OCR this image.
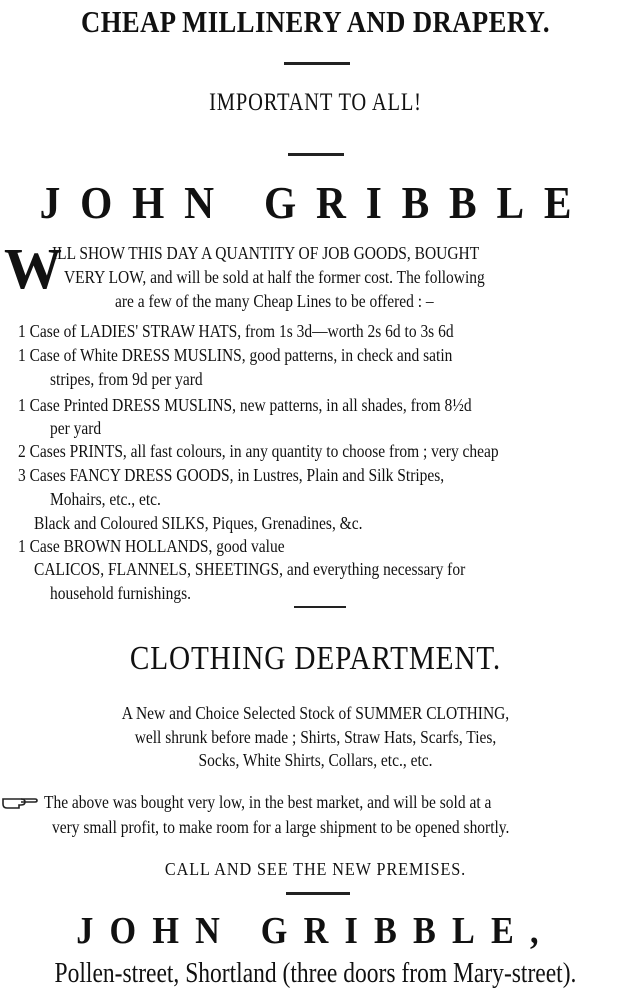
CHEAP MILLINERY AND DRAPERY.
IMPORTANT TO ALL!
JOHN GRIBBLE
W
ILL SHOW THIS DAY A QUANTITY OF JOB GOODS, BOUGHT
VERY LOW, and will be sold at half the former cost. The following
are a few of the many Cheap Lines to be offered : –
1 Case of LADIES' STRAW HATS, from 1s 3d—worth 2s 6d to 3s 6d
1 Case of White DRESS MUSLINS, good patterns, in check and satin
stripes, from 9d per yard
1 Case Printed DRESS MUSLINS, new patterns, in all shades, from 8½d
per yard
2 Cases PRINTS, all fast colours, in any quantity to choose from ; very cheap
3 Cases FANCY DRESS GOODS, in Lustres, Plain and Silk Stripes,
Mohairs, etc., etc.
Black and Coloured SILKS, Piques, Grenadines, &c.
1 Case BROWN HOLLANDS, good value
CALICOS, FLANNELS, SHEETINGS, and everything necessary for
household furnishings.
CLOTHING DEPARTMENT.
A New and Choice Selected Stock of SUMMER CLOTHING,
well shrunk before made ; Shirts, Straw Hats, Scarfs, Ties,
Socks, White Shirts, Collars, etc., etc.
The above was bought very low, in the best market, and will be sold at a
very small profit, to make room for a large shipment to be opened shortly.
CALL AND SEE THE NEW PREMISES.
JOHN GRIBBLE,
Pollen-street, Shortland (three doors from Mary-street).
